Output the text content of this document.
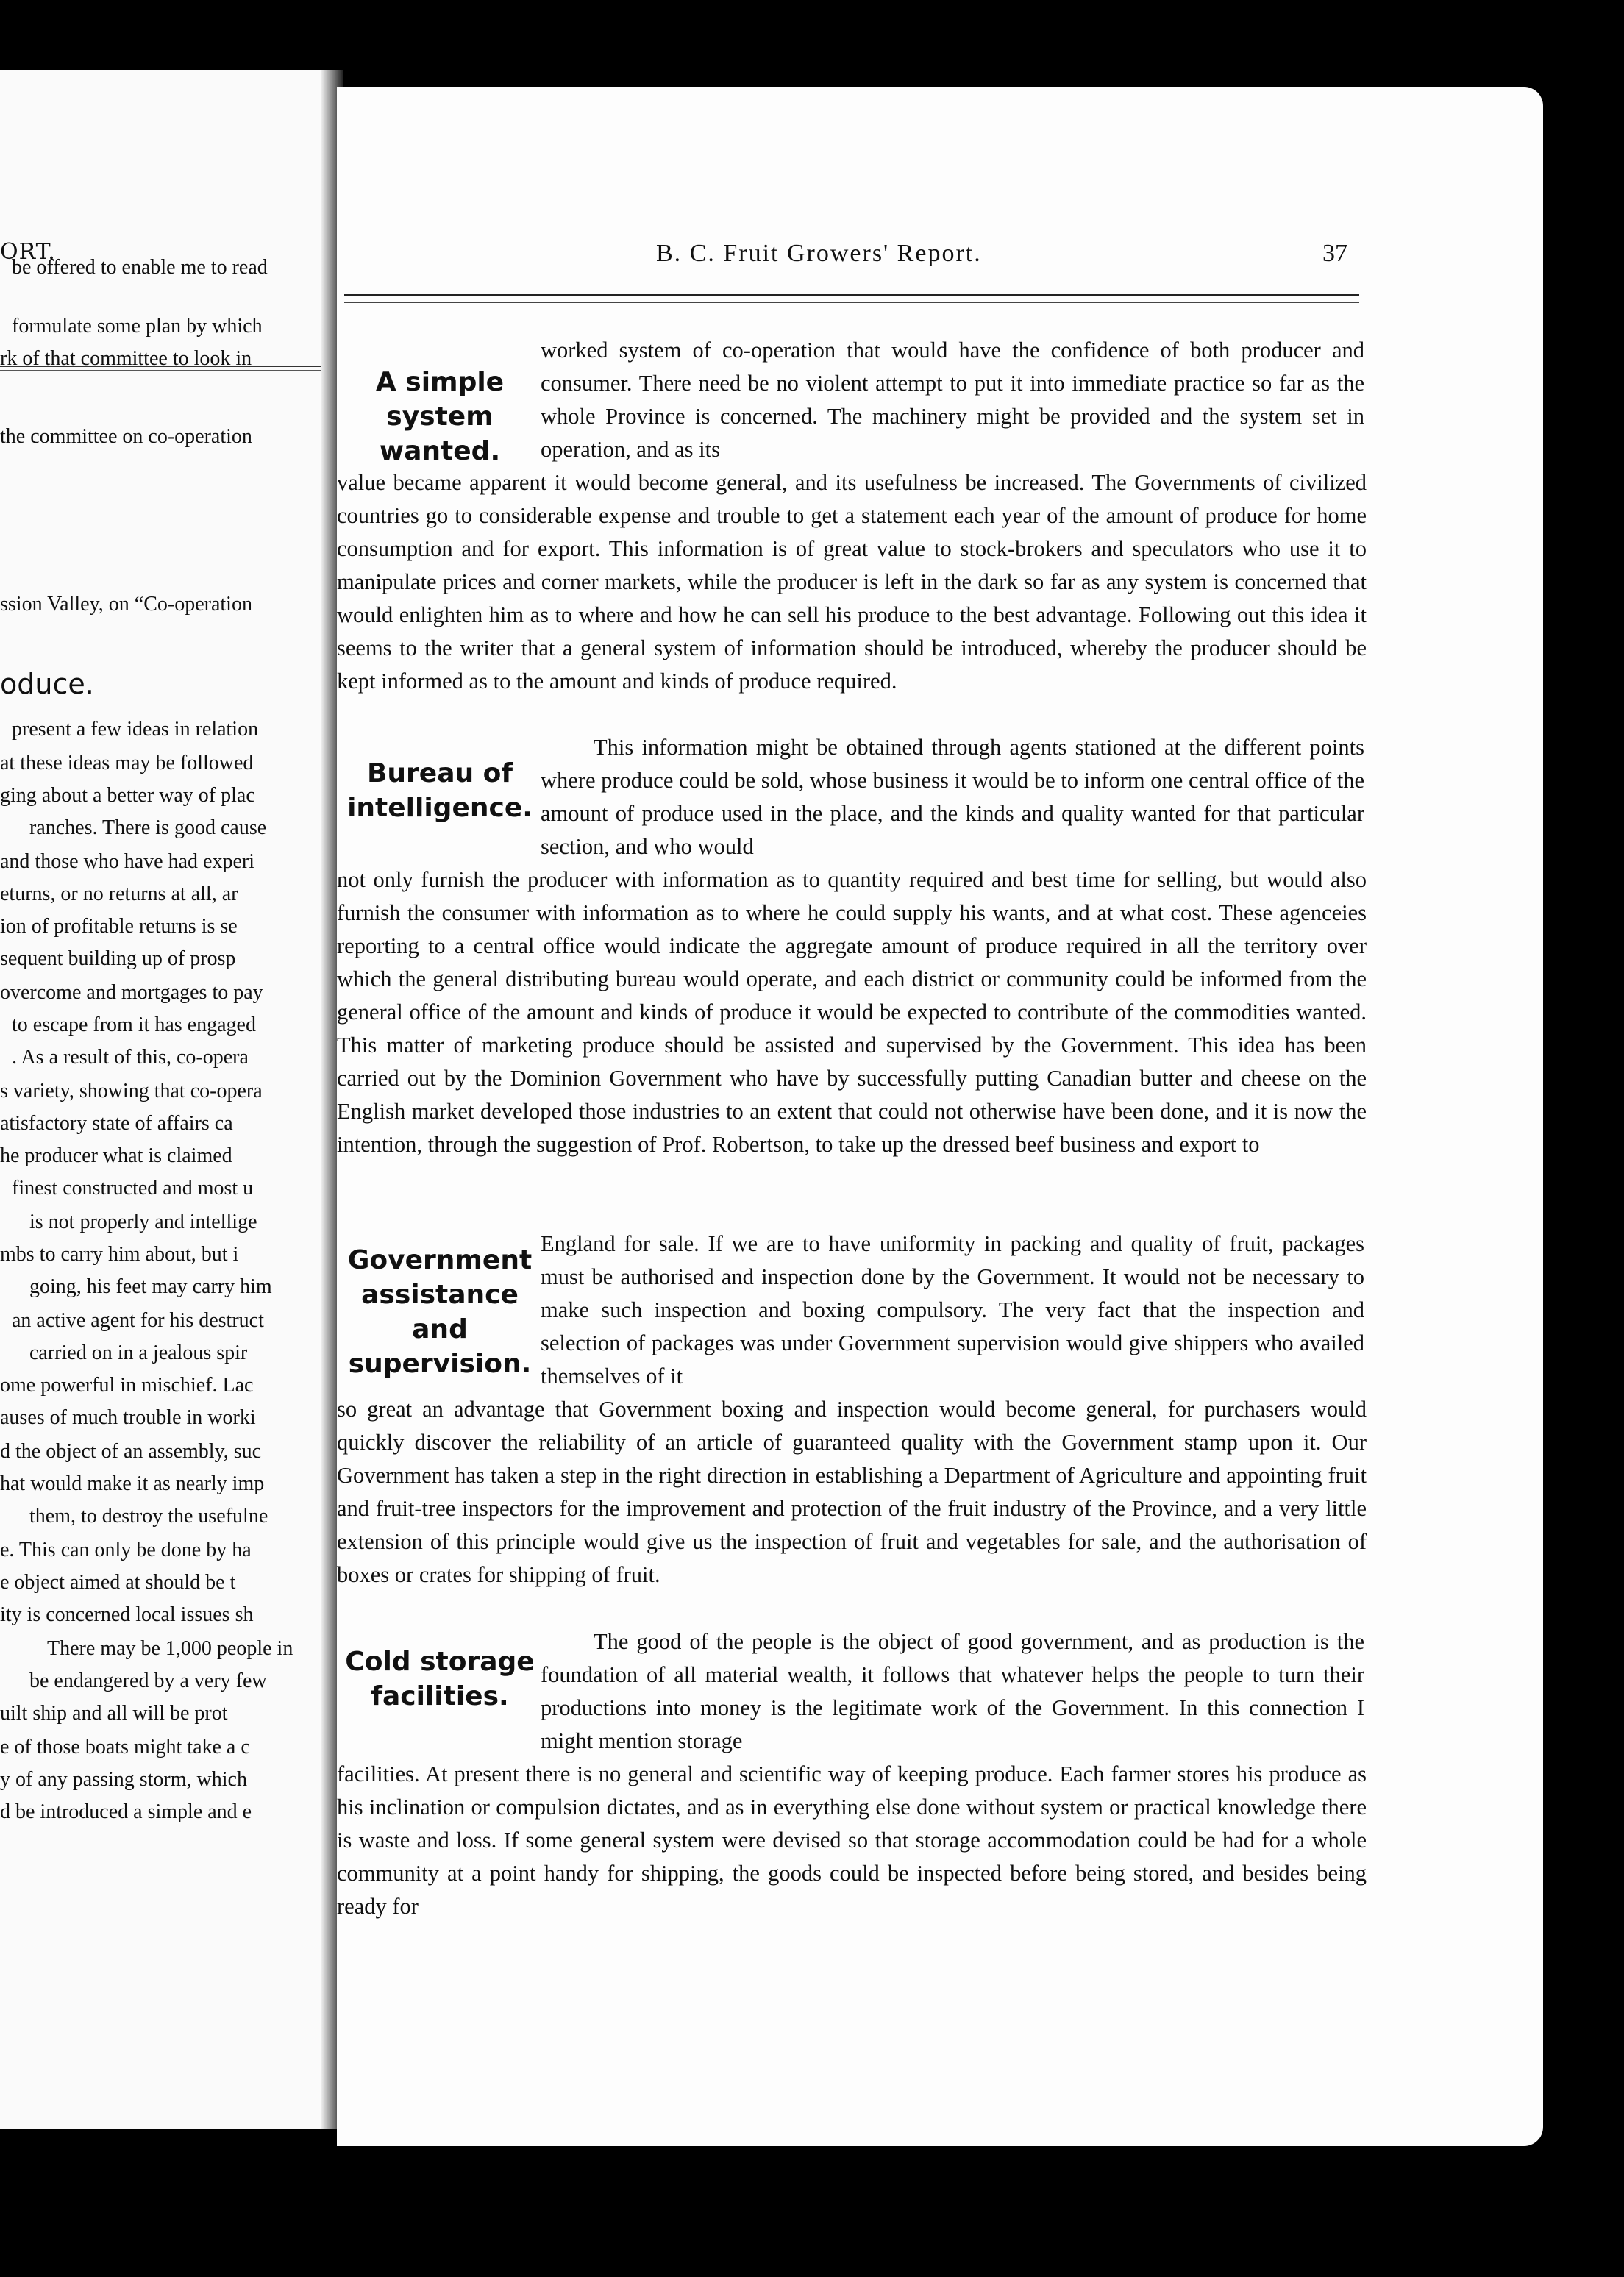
ORT.
be offered to enable me to read
formulate some plan by which
rk of that committee to look in
the committee on co-operation
ssion Valley, on “Co-operation
present a few ideas in relation
at these ideas may be followed
ging about a better way of plac
ranches. There is good cause
and those who have had experi
eturns, or no returns at all, ar
ion of profitable returns is se
sequent building up of prosp
overcome and mortgages to pay
to escape from it has engaged
. As a result of this, co-opera
s variety, showing that co-opera
atisfactory state of affairs ca
he producer what is claimed
finest constructed and most u
is not properly and intellige
mbs to carry him about, but i
going, his feet may carry him
an active agent for his destruct
carried on in a jealous spir
ome powerful in mischief. Lac
auses of much trouble in worki
d the object of an assembly, suc
hat would make it as nearly imp
them, to destroy the usefulne
e. This can only be done by ha
e object aimed at should be t
ity is concerned local issues sh
There may be 1,000 people in
be endangered by a very few
uilt ship and all will be prot
e of those boats might take a c
y of any passing storm, which
d be introduced a simple and e
oduce.
B. C. Fruit Growers' Report.	37
A simple system wanted.

worked system of co-operation that would have the confidence of both producer and consumer. There need be no violent attempt to put it into immediate practice so far as the whole Province is concerned. The machinery might be provided and the system set in operation, and as its

value became apparent it would become general, and its usefulness be increased. The Governments of civilized countries go to considerable expense and trouble to get a statement each year of the amount of produce for home consumption and for export. This information is of great value to stock-brokers and speculators who use it to manipulate prices and corner markets, while the producer is left in the dark so far as any system is concerned that would enlighten him as to where and how he can sell his produce to the best advantage. Following out this idea it seems to the writer that a general system of information should be introduced, whereby the producer should be kept informed as to the amount and kinds of produce required.

Bureau of intelligence.

This information might be obtained through agents stationed at the different points where produce could be sold, whose business it would be to inform one central office of the amount of produce used in the place, and the kinds and quality wanted for that particular section, and who would

not only furnish the producer with information as to quantity required and best time for selling, but would also furnish the consumer with information as to where he could supply his wants, and at what cost. These agenceies reporting to a central office would indicate the aggregate amount of produce required in all the territory over which the general distributing bureau would operate, and each district or community could be informed from the general office of the amount and kinds of produce it would be expected to contribute of the commodities wanted. This matter of marketing produce should be assisted and supervised by the Government. This idea has been carried out by the Dominion Government who have by successfully putting Canadian butter and cheese on the English market developed those industries to an extent that could not otherwise have been done, and it is now the intention, through the suggestion of Prof. Robertson, to take up the dressed beef business and export to

Government assistance and supervision.

England for sale. If we are to have uniformity in packing and quality of fruit, packages must be authorised and inspection done by the Government. It would not be necessary to make such inspection and boxing compulsory. The very fact that the inspection and selection of packages was under Government supervision would give shippers who availed themselves of it

so great an advantage that Government boxing and inspection would become general, for purchasers would quickly discover the reliability of an article of guaranteed quality with the Government stamp upon it. Our Government has taken a step in the right direction in establishing a Department of Agriculture and appointing fruit and fruit-tree inspectors for the improvement and protection of the fruit industry of the Province, and a very little extension of this principle would give us the inspection of fruit and vegetables for sale, and the authorisation of boxes or crates for shipping of fruit.

Cold storage facilities.

The good of the people is the object of good government, and as production is the foundation of all material wealth, it follows that whatever helps the people to turn their productions into money is the legitimate work of the Government. In this connection I might mention storage

facilities. At present there is no general and scientific way of keeping produce. Each farmer stores his produce as his inclination or compulsion dictates, and as in everything else done without system or practical knowledge there is waste and loss. If some general system were devised so that storage accommodation could be had for a whole community at a point handy for shipping, the goods could be inspected before being stored, and besides being ready for
